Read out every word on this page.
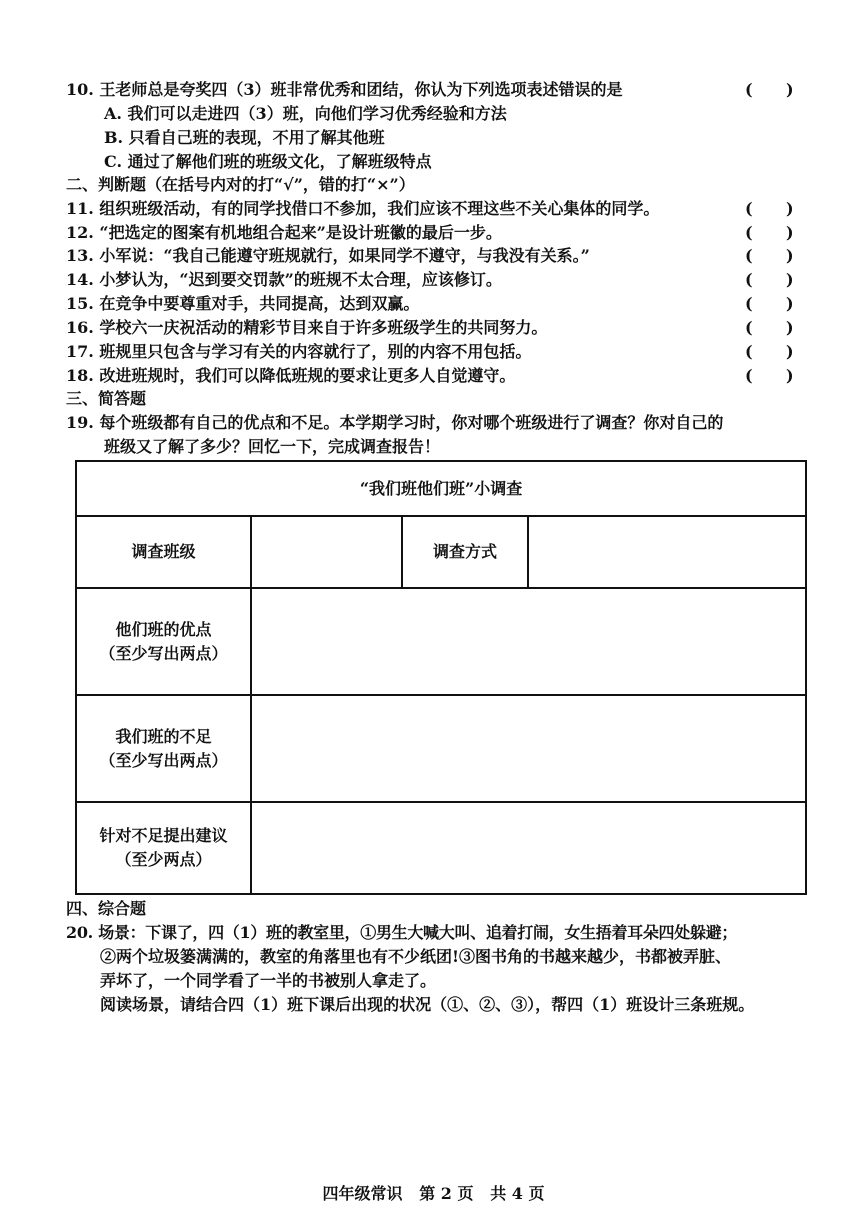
10. 王老师总是夸奖四（3）班非常优秀和团结，你认为下列选项表述错误的是	(      )
A. 我们可以走进四（3）班，向他们学习优秀经验和方法
B. 只看自己班的表现，不用了解其他班
C. 通过了解他们班的班级文化，了解班级特点
二、判断题（在括号内对的打“√”，错的打“×”）
11. 组织班级活动，有的同学找借口不参加，我们应该不理这些不关心集体的同学。	(      )
12. “把选定的图案有机地组合起来”是设计班徽的最后一步。	(      )
13. 小军说：“我自己能遵守班规就行，如果同学不遵守，与我没有关系。”	(      )
14. 小梦认为，“迟到要交罚款”的班规不太合理，应该修订。	(      )
15. 在竞争中要尊重对手，共同提高，达到双赢。	(      )
16. 学校六一庆祝活动的精彩节目来自于许多班级学生的共同努力。	(      )
17. 班规里只包含与学习有关的内容就行了，别的内容不用包括。	(      )
18. 改进班规时，我们可以降低班规的要求让更多人自觉遵守。	(      )
三、简答题
19. 每个班级都有自己的优点和不足。本学期学习时，你对哪个班级进行了调查？你对自己的
班级又了解了多少？回忆一下，完成调查报告！
“我们班他们班”小调查			
调查班级		调查方式	

他们班的优点
（至少写出两点）			

我们班的不足
（至少写出两点）			

针对不足提出建议
（至少两点）			

四、综合题
20. 场景：下课了，四（1）班的教室里，①男生大喊大叫、追着打闹，女生捂着耳朵四处躲避；
②两个垃圾篓满满的，教室的角落里也有不少纸团!③图书角的书越来越少，书都被弄脏、
弄坏了，一个同学看了一半的书被别人拿走了。
阅读场景，请结合四（1）班下课后出现的状况（①、②、③），帮四（1）班设计三条班规。
四年级常识   第 2 页   共 4 页
